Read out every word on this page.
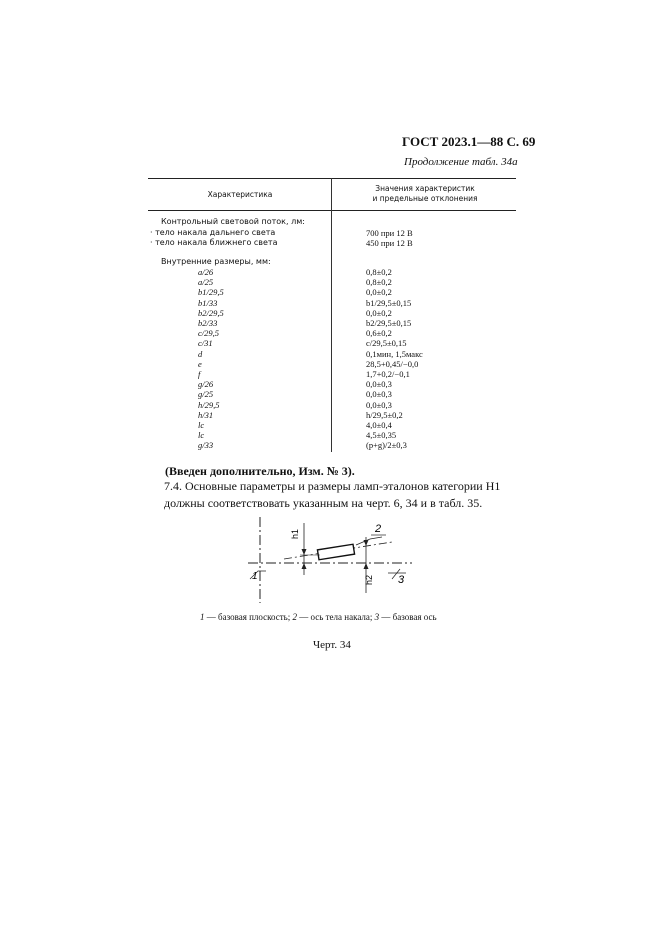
ГОСТ 2023.1—88 С. 69
Продолжение табл. 34а
Характеристика
Значения характеристик
и предельные отклонения
Контрольный световой поток, лм:
· тело накала дальнего света	700 при 12 В
· тело накала ближнего света	450 при 12 В
Внутренние размеры, мм:
a/26	0,8±0,2
a/25	0,8±0,2
b1/29,5	0,0±0,2
b1/33	b1/29,5±0,15
b2/29,5	0,0±0,2
b2/33	b2/29,5±0,15
c/29,5	0,6±0,2
c/31	c/29,5±0,15
d	0,1мин, 1,5макс
e	28,5+0,45/−0,0
f	1,7+0,2/−0,1
g/26	0,0±0,3
g/25	0,0±0,3
h/29,5	0,0±0,3
h/31	h/29,5±0,2
lc	4,0±0,4
lc	4,5±0,35
g/33	(p+g)/2±0,3
(Введен дополнительно, Изм. № 3).
7.4. Основные параметры и размеры ламп-эталонов категории Н1
должны соответствовать указанным на черт. 6, 34 и в табл. 35.
h1
h2
1
2
3
1 — базовая плоскость; 2 — ось тела накала; 3 — базовая ось
Черт. 34
